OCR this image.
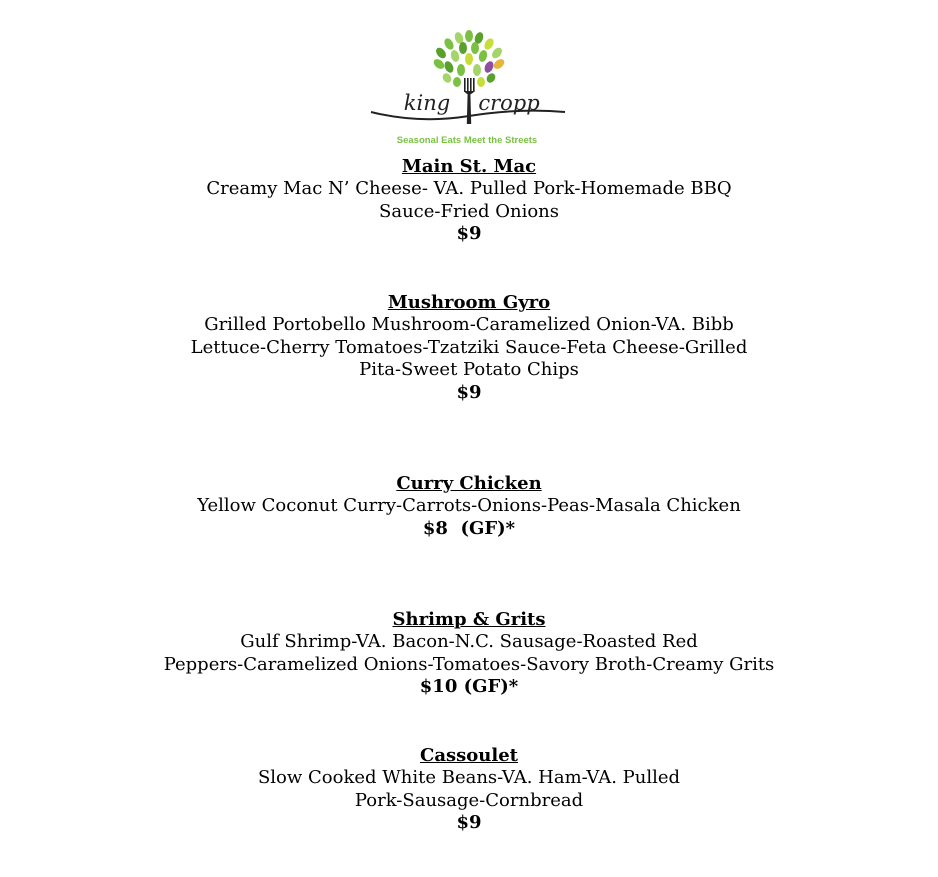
king cropp
Seasonal Eats Meet the Streets
Main St. Mac
Creamy Mac N’ Cheese- VA. Pulled Pork-Homemade BBQ
Sauce-Fried Onions
$9
Mushroom Gyro
Grilled Portobello Mushroom-Caramelized Onion-VA. Bibb
Lettuce-Cherry Tomatoes-Tzatziki Sauce-Feta Cheese-Grilled
Pita-Sweet Potato Chips
$9
Curry Chicken
Yellow Coconut Curry-Carrots-Onions-Peas-Masala Chicken
$8  (GF)*
Shrimp & Grits
Gulf Shrimp-VA. Bacon-N.C. Sausage-Roasted Red
Peppers-Caramelized Onions-Tomatoes-Savory Broth-Creamy Grits
$10 (GF)*
Cassoulet
Slow Cooked White Beans-VA. Ham-VA. Pulled
Pork-Sausage-Cornbread
$9
